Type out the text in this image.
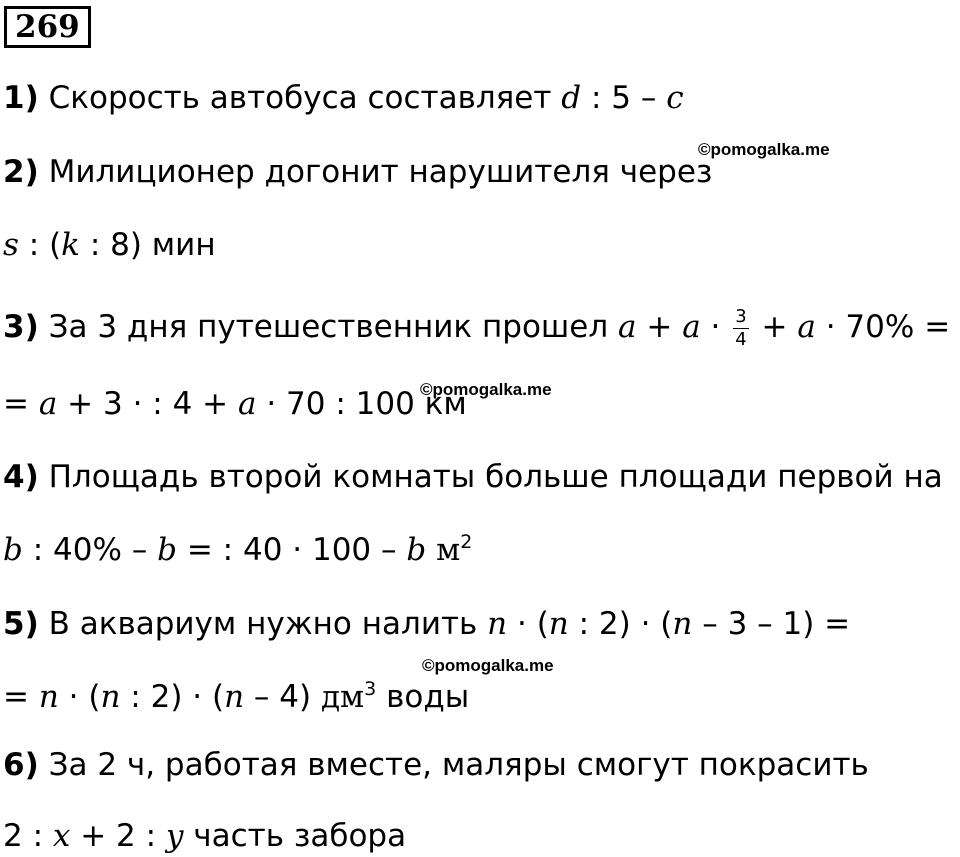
269
1) Скорость автобуса составляет d : 5 – c
2) Милиционер догонит нарушителя через
s : (k : 8) мин
3) За 3 дня путешественник прошел $a + a \cdot \frac{3}{4} + a \cdot 70\%$ =
= a + 3 · : 4 + a · 70 : 100 км
4) Площадь второй комнаты больше площади первой на
b : 40% – b = : 40 · 100 – b $м^2$
5) В аквариум нужно налить n · (n : 2) · (n – 3 – 1) =
= n · (n : 2) · (n – 4) $дм^3$ воды
6) За 2 ч, работая вместе, маляры смогут покрасить
2 : x + 2 : y часть забора
©pomogalka.me
©pomogalka.me
©pomogalka.me
